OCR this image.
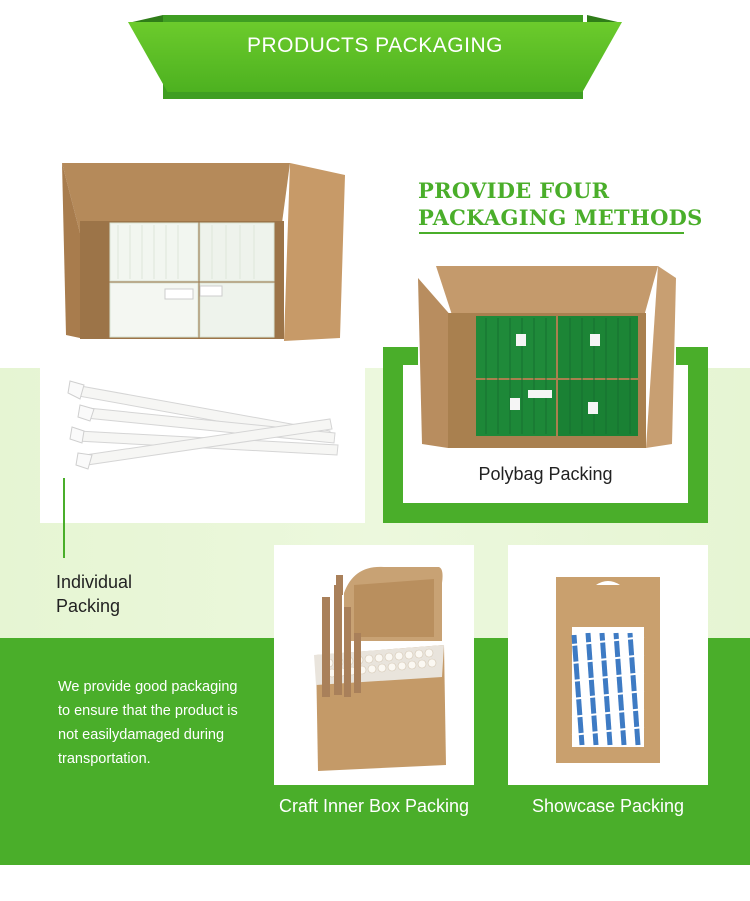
PRODUCTS PACKAGING
Individual
Packing
PROVIDE FOUR
PACKAGING METHODS
Polybag Packing
We provide good packaging
to ensure that the product is
not easilydamaged during
transportation.
Craft Inner Box Packing	Showcase Packing
